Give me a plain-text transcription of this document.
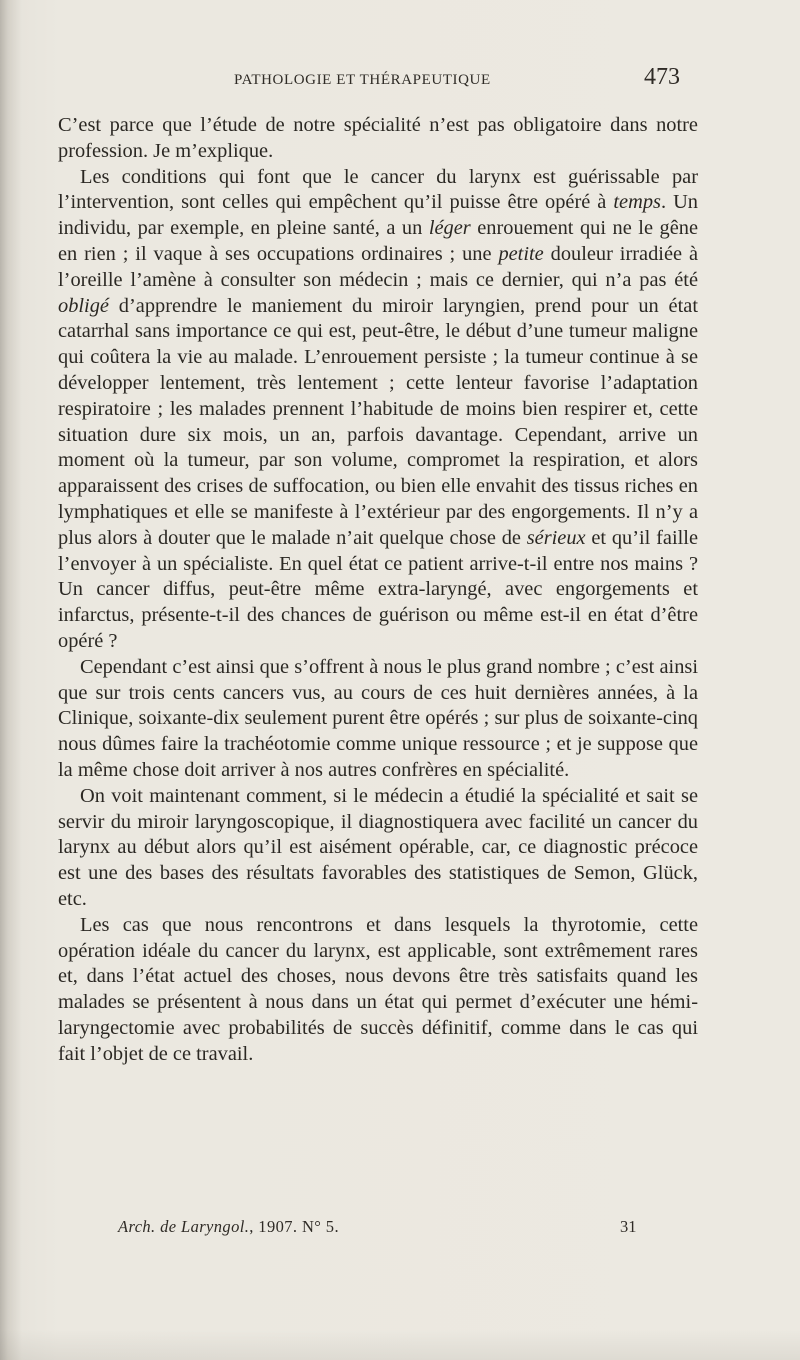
PATHOLOGIE ET THÉRAPEUTIQUE	473

C’est parce que l’étude de notre spécialité n’est pas obligatoire dans notre profession. Je m’explique.

Les conditions qui font que le cancer du larynx est guérissable par l’intervention, sont celles qui empêchent qu’il puisse être opéré à temps. Un individu, par exemple, en pleine santé, a un léger enrouement qui ne le gêne en rien ; il vaque à ses occupations ordinaires ; une petite douleur irradiée à l’oreille l’amène à consulter son médecin ; mais ce dernier, qui n’a pas été obligé d’apprendre le maniement du miroir laryngien, prend pour un état catarrhal sans importance ce qui est, peut-être, le début d’une tumeur maligne qui coûtera la vie au malade. L’enrouement persiste ; la tumeur continue à se développer lentement, très lentement ; cette lenteur favorise l’adaptation respiratoire ; les malades prennent l’habitude de moins bien respirer et, cette situation dure six mois, un an, parfois davantage. Cependant, arrive un moment où la tumeur, par son volume, compromet la respiration, et alors apparaissent des crises de suffocation, ou bien elle envahit des tissus riches en lymphatiques et elle se manifeste à l’extérieur par des engorgements. Il n’y a plus alors à douter que le malade n’ait quelque chose de sérieux et qu’il faille l’envoyer à un spécialiste. En quel état ce patient arrive-t-il entre nos mains ? Un cancer diffus, peut-être même extra-laryngé, avec engorgements et infarctus, présente-t-il des chances de guérison ou même est-il en état d’être opéré ?

Cependant c’est ainsi que s’offrent à nous le plus grand nombre ; c’est ainsi que sur trois cents cancers vus, au cours de ces huit dernières années, à la Clinique, soixante-dix seulement purent être opérés ; sur plus de soixante-cinq nous dûmes faire la trachéotomie comme unique ressource ; et je suppose que la même chose doit arriver à nos autres confrères en spécialité.

On voit maintenant comment, si le médecin a étudié la spécialité et sait se servir du miroir laryngoscopique, il diagnostiquera avec facilité un cancer du larynx au début alors qu’il est aisément opérable, car, ce diagnostic précoce est une des bases des résultats favorables des statistiques de Semon, Glück, etc.

Les cas que nous rencontrons et dans lesquels la thyrotomie, cette opération idéale du cancer du larynx, est applicable, sont extrêmement rares et, dans l’état actuel des choses, nous devons être très satisfaits quand les malades se présentent à nous dans un état qui permet d’exécuter une hémi-laryngectomie avec probabilités de succès définitif, comme dans le cas qui fait l’objet de ce travail.

Arch. de Laryngol., 1907. N° 5.	31
